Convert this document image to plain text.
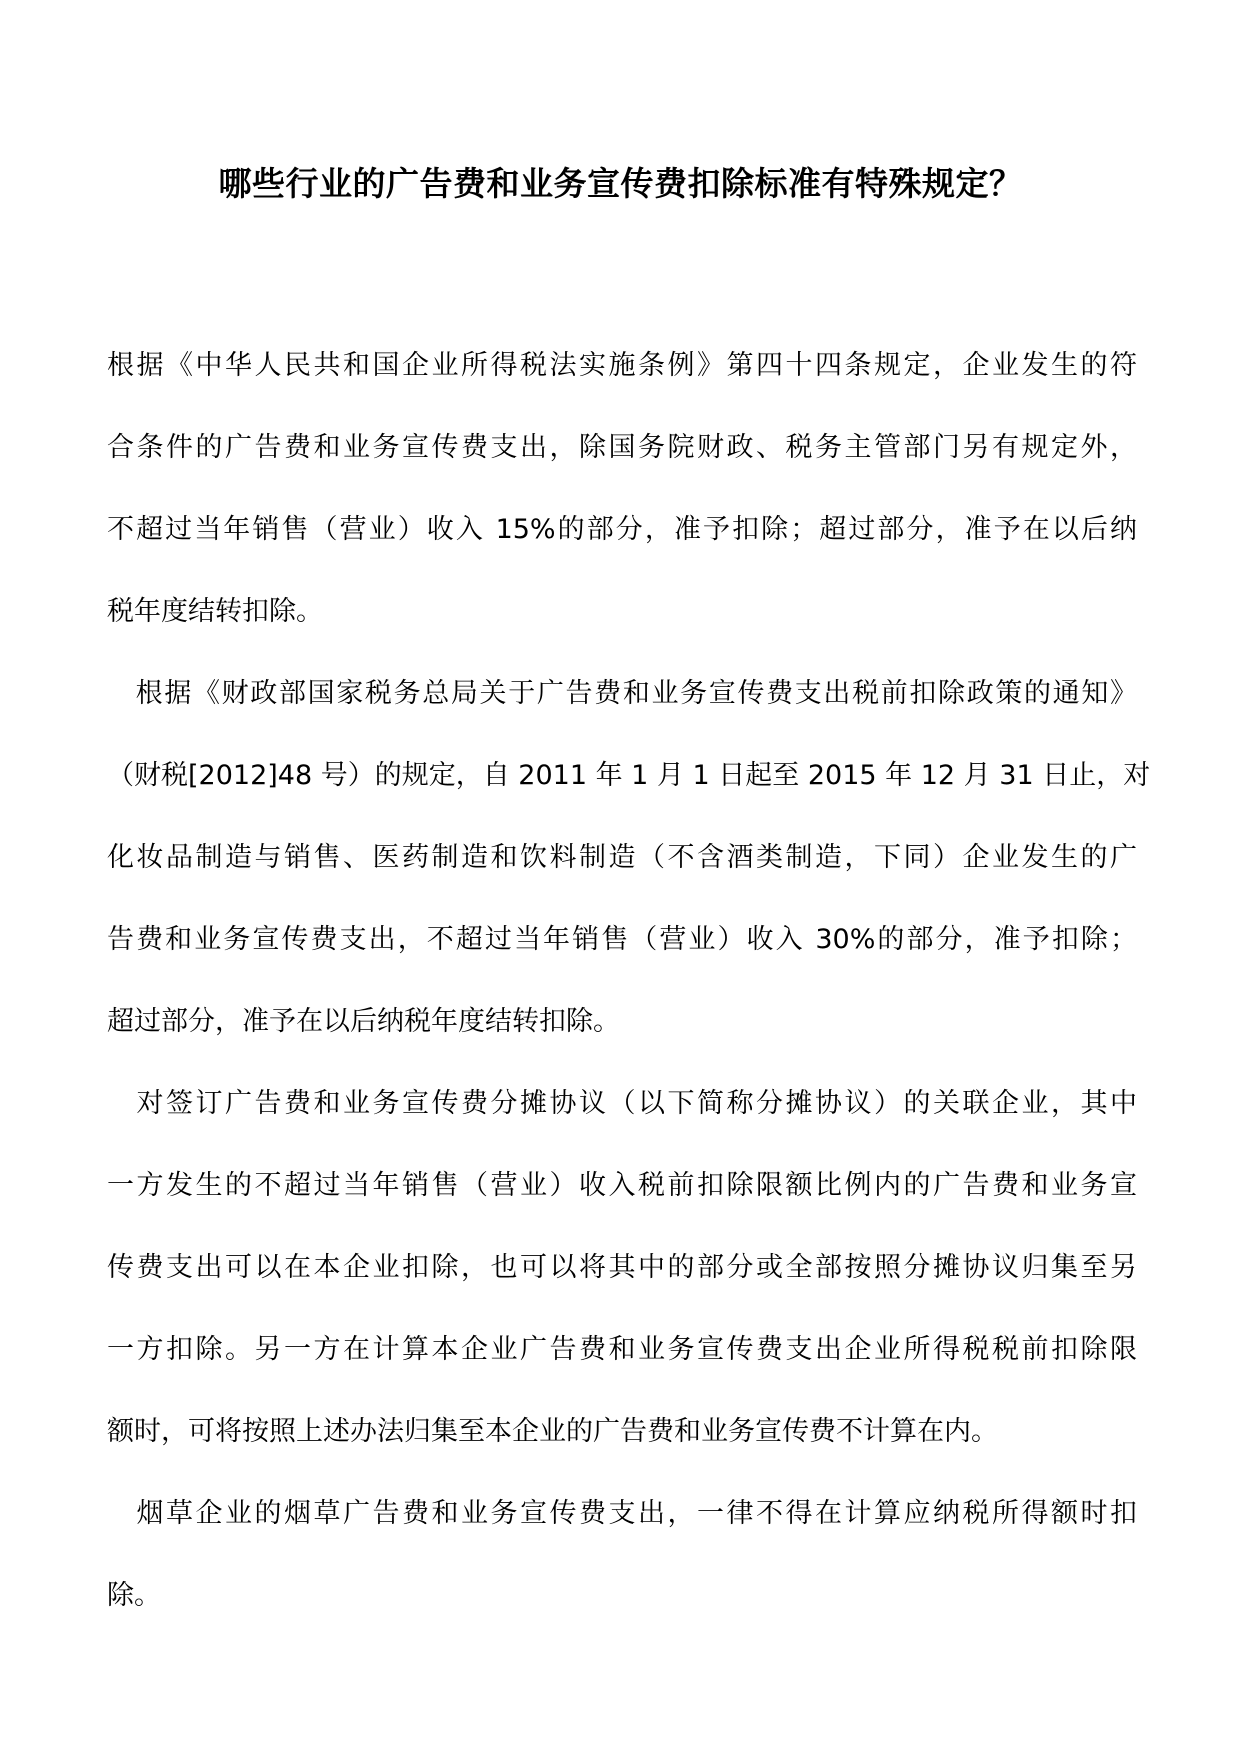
哪些行业的广告费和业务宣传费扣除标准有特殊规定？
根据《中华人民共和国企业所得税法实施条例》第四十四条规定，企业发生的符
合条件的广告费和业务宣传费支出，除国务院财政、税务主管部门另有规定外，
不超过当年销售（营业）收入 15%的部分，准予扣除；超过部分，准予在以后纳
税年度结转扣除。
　根据《财政部国家税务总局关于广告费和业务宣传费支出税前扣除政策的通知》
（财税[2012]48 号）的规定，自 2011 年 1 月 1 日起至 2015 年 12 月 31 日止，对
化妆品制造与销售、医药制造和饮料制造（不含酒类制造，下同）企业发生的广
告费和业务宣传费支出，不超过当年销售（营业）收入 30%的部分，准予扣除；
超过部分，准予在以后纳税年度结转扣除。
　对签订广告费和业务宣传费分摊协议（以下简称分摊协议）的关联企业，其中
一方发生的不超过当年销售（营业）收入税前扣除限额比例内的广告费和业务宣
传费支出可以在本企业扣除，也可以将其中的部分或全部按照分摊协议归集至另
一方扣除。另一方在计算本企业广告费和业务宣传费支出企业所得税税前扣除限
额时，可将按照上述办法归集至本企业的广告费和业务宣传费不计算在内。
　烟草企业的烟草广告费和业务宣传费支出，一律不得在计算应纳税所得额时扣
除。
